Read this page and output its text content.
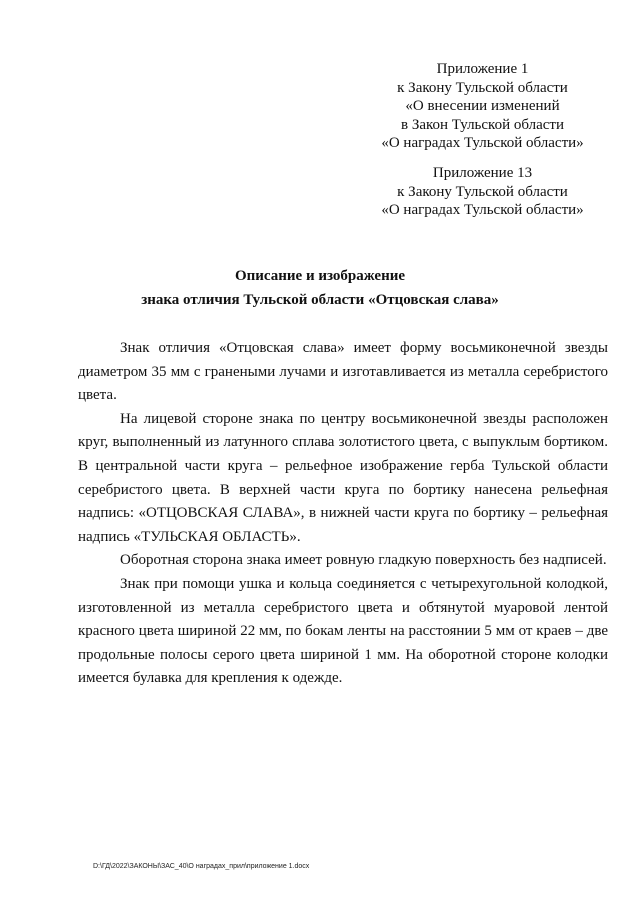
Приложение 1
к Закону Тульской области
«О внесении изменений
в Закон Тульской области
«О наградах Тульской области»
Приложение 13
к Закону Тульской области
«О наградах Тульской области»
Описание и изображение
знака отличия Тульской области «Отцовская слава»

Знак отличия «Отцовская слава» имеет форму восьмиконечной звезды диаметром 35 мм с гранеными лучами и изготавливается из металла серебристого цвета.

На лицевой стороне знака по центру восьмиконечной звезды расположен круг, выполненный из латунного сплава золотистого цвета, с выпуклым бортиком. В центральной части круга – рельефное изображение герба Тульской области серебристого цвета. В верхней части круга по бортику нанесена рельефная надпись: «ОТЦОВСКАЯ СЛАВА», в нижней части круга по бортику – рельефная надпись «ТУЛЬСКАЯ ОБЛАСТЬ».

Оборотная сторона знака имеет ровную гладкую поверхность без надписей.

Знак при помощи ушка и кольца соединяется с четырехугольной колодкой, изготовленной из металла серебристого цвета и обтянутой муаровой лентой красного цвета шириной 22 мм, по бокам ленты на расстоянии 5 мм от краев – две продольные полосы серого цвета шириной 1 мм. На оборотной стороне колодки имеется булавка для крепления к одежде.

D:\ГД\2022\ЗАКОНЫ\ЗАС_40\О наградах_прил\приложение 1.docx
